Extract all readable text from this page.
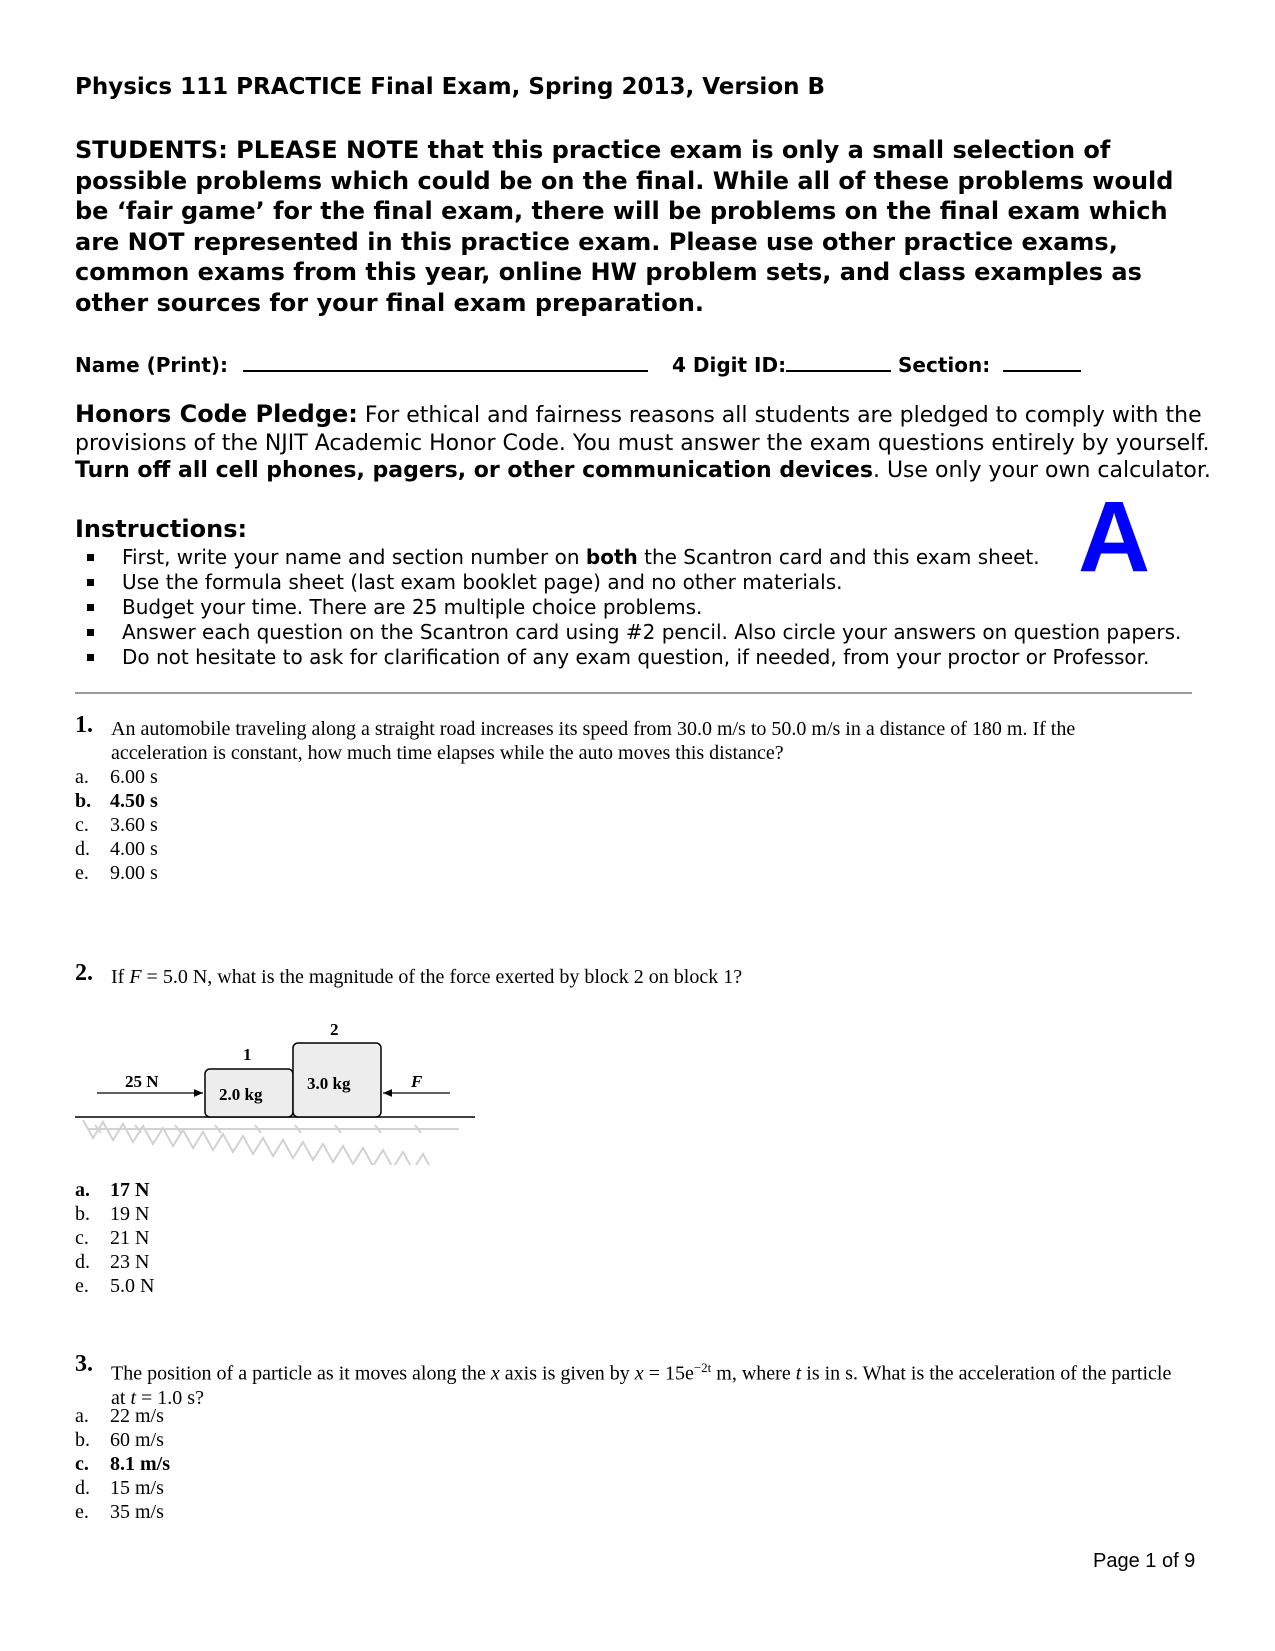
Physics 111 PRACTICE Final Exam, Spring 2013, Version B
STUDENTS: PLEASE NOTE that this practice exam is only a small selection of possible problems which could be on the final. While all of these problems would be ‘fair game’ for the final exam, there will be problems on the final exam which are NOT represented in this practice exam. Please use other practice exams, common exams from this year, online HW problem sets, and class examples as other sources for your final exam preparation.
Name (Print):	4 Digit ID:	Section:
Honors Code Pledge: For ethical and fairness reasons all students are pledged to comply with the provisions of the NJIT Academic Honor Code. You must answer the exam questions entirely by yourself. Turn off all cell phones, pagers, or other communication devices. Use only your own calculator.
Instructions:
First, write your name and section number on both the Scantron card and this exam sheet.
Use the formula sheet (last exam booklet page) and no other materials.
Budget your time. There are 25 multiple choice problems.
Answer each question on the Scantron card using #2 pencil. Also circle your answers on question papers.
Do not hesitate to ask for clarification of any exam question, if needed, from your proctor or Professor.
A
1. An automobile traveling along a straight road increases its speed from 30.0 m/s to 50.0 m/s in a distance of 180 m. If the acceleration is constant, how much time elapses while the auto moves this distance?
a. 6.00 s
b. 4.50 s
c. 3.60 s
d. 4.00 s
e. 9.00 s
2. If F = 5.0 N, what is the magnitude of the force exerted by block 2 on block 1?
25 N
1
2.0 kg
2
3.0 kg	F
a. 17 N
b. 19 N
c. 21 N
d. 23 N
e. 5.0 N
3. The position of a particle as it moves along the x axis is given by $x = 15e^{-2t}$ m, where t is in s. What is the acceleration of the particle at t = 1.0 s?
a. 22 m/s
b. 60 m/s
c. 8.1 m/s
d. 15 m/s
e. 35 m/s
Page 1 of 9
